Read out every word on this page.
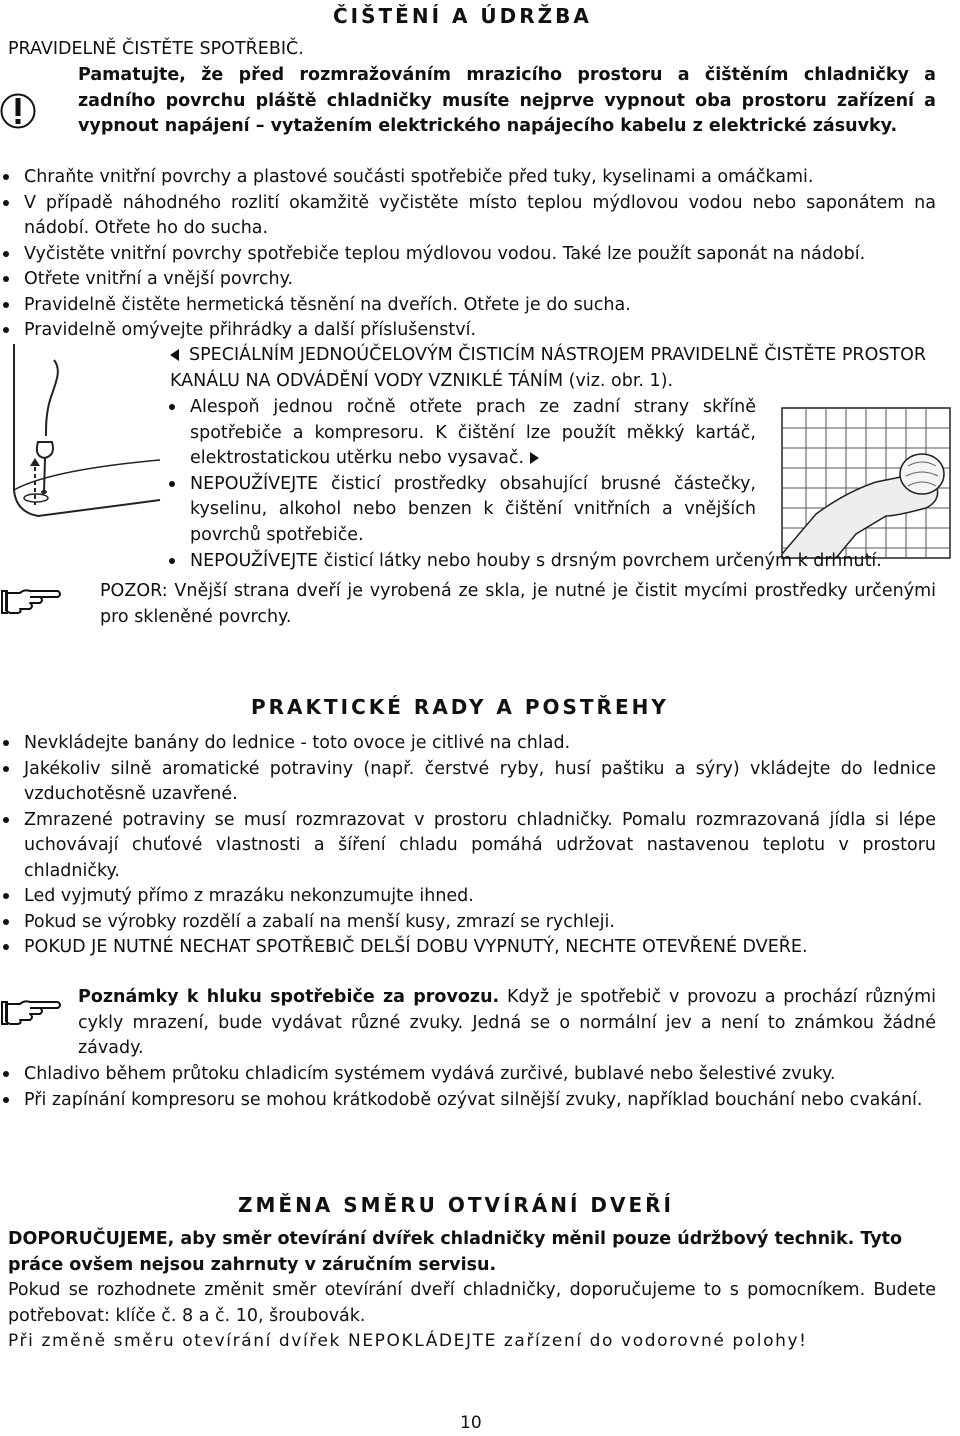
ČIŠTĚNÍ A ÚDRŽBA
PRAVIDELNĚ ČISTĚTE SPOTŘEBIČ.
Pamatujte, že před rozmražováním mrazicího prostoru a čištěním chladničky a zadního povrchu pláště chladničky musíte nejprve vypnout oba prostoru zařízení a vypnout napájení – vytažením elektrického napájecího kabelu z elektrické zásuvky.
Chraňte vnitřní povrchy a plastové součásti spotřebiče před tuky, kyselinami a omáčkami.
V případě náhodného rozlití okamžitě vyčistěte místo teplou mýdlovou vodou nebo saponátem na nádobí. Otřete ho do sucha.
Vyčistěte vnitřní povrchy spotřebiče teplou mýdlovou vodou. Také lze použít saponát na nádobí.
Otřete vnitřní a vnější povrchy.
Pravidelně čistěte hermetická těsnění na dveřích. Otřete je do sucha.
Pravidelně omývejte přihrádky a další příslušenství.
SPECIÁLNÍM JEDNOÚČELOVÝM ČISTICÍM NÁSTROJEM PRAVIDELNĚ ČISTĚTE PROSTOR KANÁLU NA ODVÁDĚNÍ VODY VZNIKLÉ TÁNÍM (viz. obr. 1).
Alespoň jednou ročně otřete prach ze zadní strany skříně spotřebiče a kompresoru. K čištění lze použít měkký kartáč, elektrostatickou utěrku nebo vysavač.
NEPOUŽÍVEJTE čisticí prostředky obsahující brusné částečky, kyselinu, alkohol nebo benzen k čištění vnitřních a vnějších povrchů spotřebiče.
NEPOUŽÍVEJTE čisticí látky nebo houby s drsným povrchem určeným k drhnutí.
POZOR: Vnější strana dveří je vyrobená ze skla, je nutné je čistit mycími prostředky určenými pro skleněné povrchy.
PRAKTICKÉ RADY A POSTŘEHY
Nevkládejte banány do lednice - toto ovoce je citlivé na chlad.
Jakékoliv silně aromatické potraviny (např. čerstvé ryby, husí paštiku a sýry) vkládejte do lednice vzduchotěsně uzavřené.
Zmrazené potraviny se musí rozmrazovat v prostoru chladničky. Pomalu rozmrazovaná jídla si lépe uchovávají chuťové vlastnosti a šíření chladu pomáhá udržovat nastavenou teplotu v prostoru chladničky.
Led vyjmutý přímo z mrazáku nekonzumujte ihned.
Pokud se výrobky rozdělí a zabalí na menší kusy, zmrazí se rychleji.
POKUD JE NUTNÉ NECHAT SPOTŘEBIČ DELŠÍ DOBU VYPNUTÝ, NECHTE OTEVŘENÉ DVEŘE.
Poznámky k hluku spotřebiče za provozu. Když je spotřebič v provozu a prochází různými cykly mrazení, bude vydávat různé zvuky. Jedná se o normální jev a není to známkou žádné závady.
Chladivo během průtoku chladicím systémem vydává zurčivé, bublavé nebo šelestivé zvuky.
Při zapínání kompresoru se mohou krátkodobě ozývat silnější zvuky, například bouchání nebo cvakání.
ZMĚNA SMĚRU OTVÍRÁNÍ DVEŘÍ
DOPORUČUJEME, aby směr otevírání dvířek chladničky měnil pouze údržbový technik. Tyto práce ovšem nejsou zahrnuty v záručním servisu.
Pokud se rozhodnete změnit směr otevírání dveří chladničky, doporučujeme to s pomocníkem. Budete potřebovat: klíče č. 8 a č. 10, šroubovák.
Při změně směru otevírání dvířek NEPOKLÁDEJTE zařízení do vodorovné polohy!
10
